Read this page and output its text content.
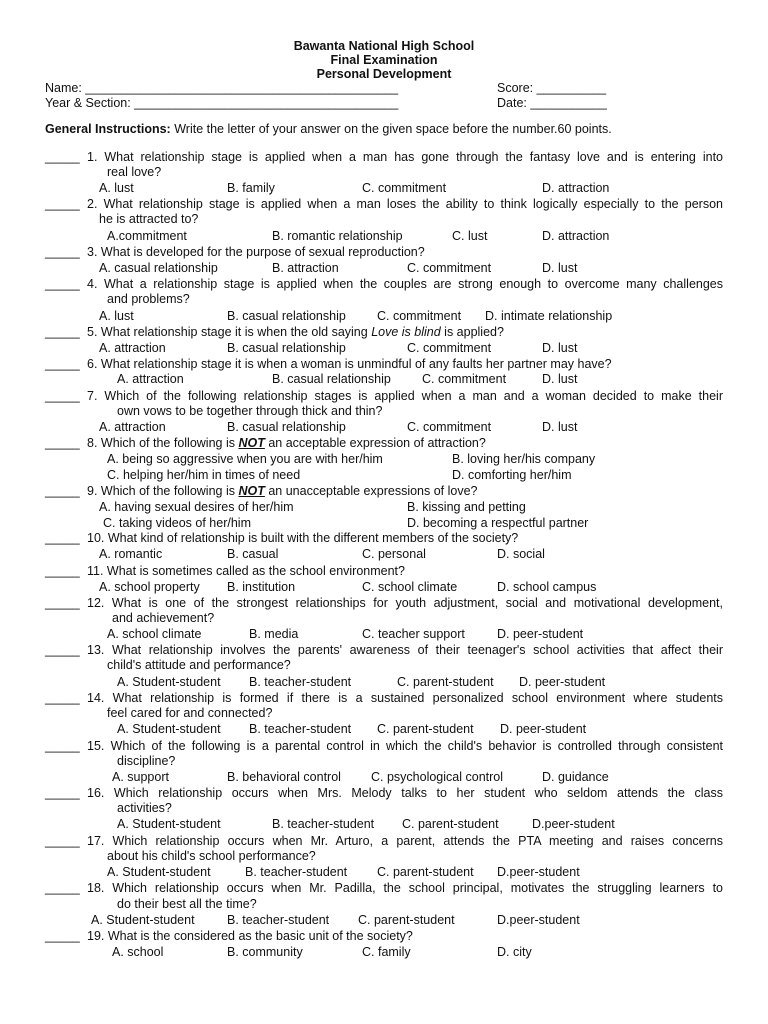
Bawanta National High School
Final Examination
Personal Development
Name: _____________________________________________	Score: __________
Year & Section: ______________________________________	Date: ___________
General Instructions: Write the letter of your answer on the given space before the number.60 points.
_____ 1. What relationship stage is applied when a man has gone through the fantasy love and is entering into
real love?
A. lust	B. family	C. commitment	D. attraction
_____ 2. What relationship stage is applied when a man loses the ability to think logically especially to the person
he is attracted to?
A.commitment	B. romantic relationship	C. lust	D. attraction
_____ 3. What is developed for the purpose of sexual reproduction?
A. casual relationship	B. attraction	C. commitment	D. lust
_____ 4. What a relationship stage is applied when the couples are strong enough to overcome many challenges
and problems?
A. lust	B. casual relationship C. commitment D. intimate relationship
_____ 5. What relationship stage it is when the old saying Love is blind is applied?
A. attraction	B. casual relationship	C. commitment	D. lust
_____ 6. What relationship stage it is when a woman is unmindful of any faults her partner may have?
A. attraction	B. casual relationship C. commitment	D. lust
_____ 7. Which of the following relationship stages is applied when a man and a woman decided to make their
own vows to be together through thick and thin?
A. attraction	B. casual relationship	C. commitment	D. lust
_____ 8. Which of the following is NOT an acceptable expression of attraction?
A. being so aggressive when you are with her/him	B. loving her/his company
C. helping her/him in times of need	D. comforting her/him
_____ 9. Which of the following is NOT an unacceptable expressions of love?
A. having sexual desires of her/him	B. kissing and petting
C. taking videos of her/him	D. becoming a respectful partner
_____ 10. What kind of relationship is built with the different members of the society?
A. romantic	B. casual	C. personal	D. social
_____ 11. What is sometimes called as the school environment?
A. school property B. institution	C. school climate	D. school campus
_____ 12. What is one of the strongest relationships for youth adjustment, social and motivational development,
and achievement?
A. school climate	B. media	C. teacher support	D. peer-student
_____ 13. What relationship involves the parents' awareness of their teenager's school activities that affect their
child's attitude and performance?
A. Student-student B. teacher-student	C. parent-student D. peer-student
_____ 14. What relationship is formed if there is a sustained personalized school environment where students
feel cared for and connected?
A. Student-student B. teacher-student C. parent-student D. peer-student
_____ 15. Which of the following is a parental control in which the child's behavior is controlled through consistent
discipline?
A. support	B. behavioral control C. psychological control	D. guidance
_____ 16. Which relationship occurs when Mrs. Melody talks to her student who seldom attends the class
activities?
A. Student-student	B. teacher-student C. parent-student	D.peer-student
_____ 17. Which relationship occurs when Mr. Arturo, a parent, attends the PTA meeting and raises concerns
about his child's school performance?
A. Student-student	B. teacher-student C. parent-student D.peer-student
_____ 18. Which relationship occurs when Mr. Padilla, the school principal, motivates the struggling learners to
do their best all the time?
A. Student-student	B. teacher-student C. parent-student	D.peer-student
_____ 19. What is the considered as the basic unit of the society?
A. school	B. community	C. family	D. city
